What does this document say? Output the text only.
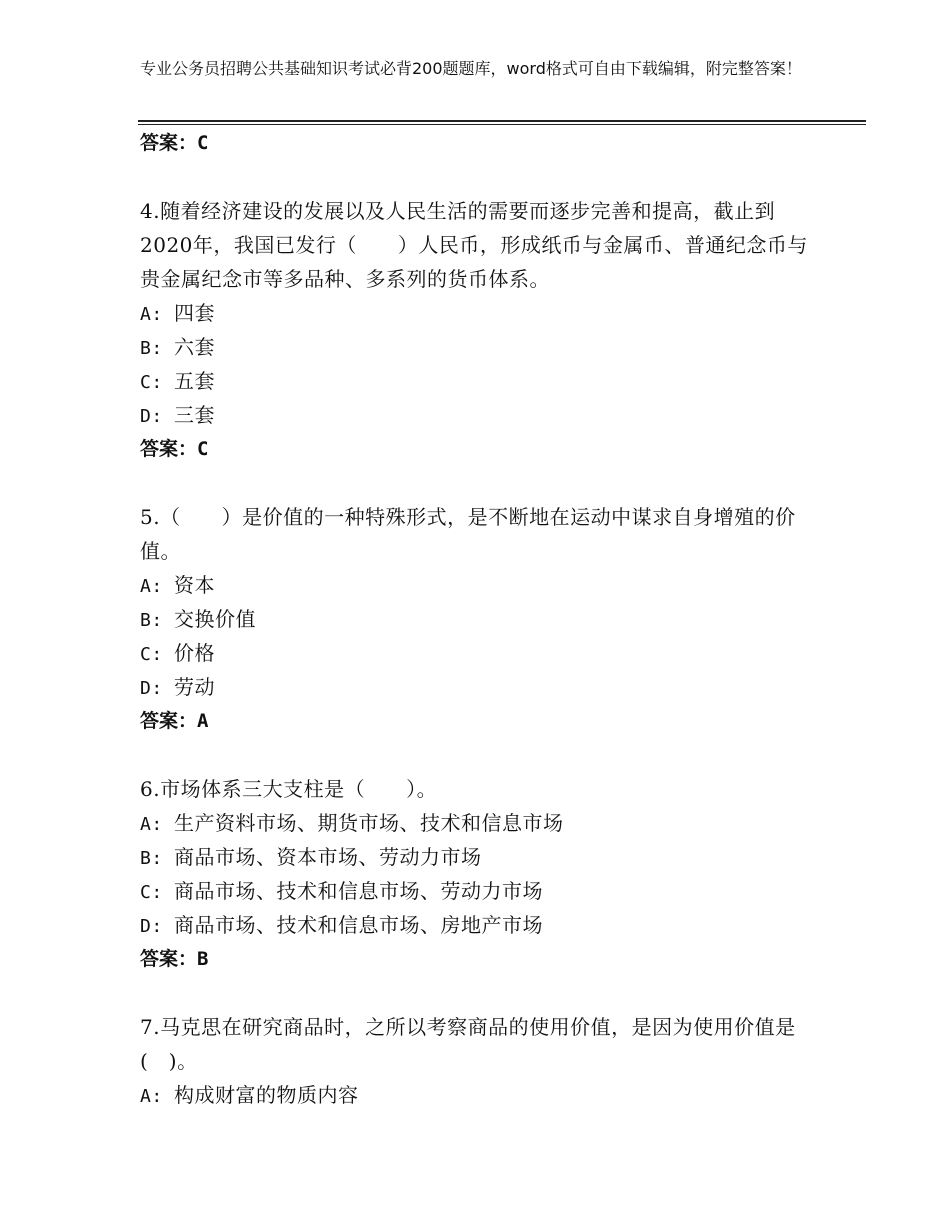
专业公务员招聘公共基础知识考试必背200题题库，word格式可自由下载编辑，附完整答案！
答案：C
4.随着经济建设的发展以及人民生活的需要而逐步完善和提高，截止到2020年，我国已发行（　　）人民币，形成纸币与金属币、普通纪念币与贵金属纪念市等多品种、多系列的货币体系。
A: 四套
B: 六套
C: 五套
D: 三套
答案：C
5.（　　）是价值的一种特殊形式，是不断地在运动中谋求自身增殖的价值。
A: 资本
B: 交换价值
C: 价格
D: 劳动
答案：A
6.市场体系三大支柱是（　　）。
A: 生产资料市场、期货市场、技术和信息市场
B: 商品市场、资本市场、劳动力市场
C: 商品市场、技术和信息市场、劳动力市场
D: 商品市场、技术和信息市场、房地产市场
答案：B
7.马克思在研究商品时，之所以考察商品的使用价值，是因为使用价值是(　)。
A: 构成财富的物质内容
